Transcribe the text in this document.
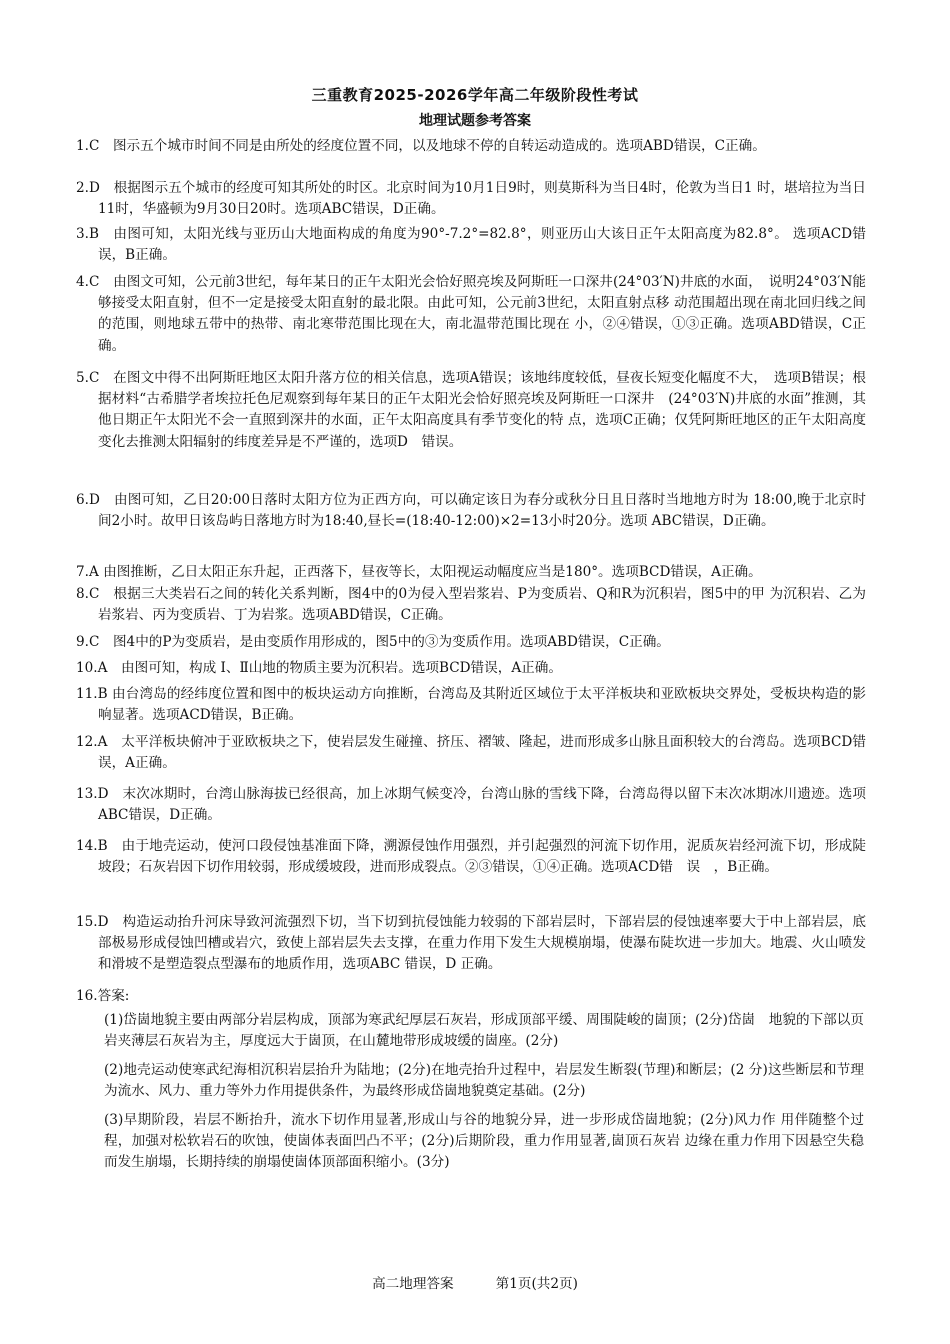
三重教育2025-2026学年高二年级阶段性考试
地理试题参考答案
1.C　图示五个城市时间不同是由所处的经度位置不同，以及地球不停的自转运动造成的。选项ABD错误，C正确。
2.D　根据图示五个城市的经度可知其所处的时区。北京时间为10月1日9时，则莫斯科为当日4时，伦敦为当日1 时，堪培拉为当日11时，华盛顿为9月30日20时。选项ABC错误，D正确。
3.B　由图可知，太阳光线与亚历山大地面构成的角度为90°-7.2°=82.8°，则亚历山大该日正午太阳高度为82.8°。 选项ACD错误，B正确。
4.C　由图文可知，公元前3世纪，每年某日的正午太阳光会恰好照亮埃及阿斯旺一口深井(24°03′N)井底的水面，　说明24°03′N能够接受太阳直射，但不一定是接受太阳直射的最北限。由此可知，公元前3世纪，太阳直射点移 动范围超出现在南北回归线之间的范围，则地球五带中的热带、南北寒带范围比现在大，南北温带范围比现在 小，②④错误，①③正确。选项ABD错误，C正确。
5.C　在图文中得不出阿斯旺地区太阳升落方位的相关信息，选项A错误；该地纬度较低，昼夜长短变化幅度不大，　选项B错误；根据材料“古希腊学者埃拉托色尼观察到每年某日的正午太阳光会恰好照亮埃及阿斯旺一口深井　(24°03′N)井底的水面”推测，其他日期正午太阳光不会一直照到深井的水面，正午太阳高度具有季节变化的特 点，选项C正确；仅凭阿斯旺地区的正午太阳高度变化去推测太阳辐射的纬度差异是不严谨的，选项D　错误。
6.D　由图可知，乙日20:00日落时太阳方位为正西方向，可以确定该日为春分或秋分日且日落时当地地方时为 18:00,晚于北京时间2小时。故甲日该岛屿日落地方时为18:40,昼长=(18:40-12:00)×2=13小时20分。选项 ABC错误，D正确。
7.A 由图推断，乙日太阳正东升起，正西落下，昼夜等长，太阳视运动幅度应当是180°。选项BCD错误，A正确。
8.C　根据三大类岩石之间的转化关系判断，图4中的0为侵入型岩浆岩、P为变质岩、Q和R为沉积岩，图5中的甲 为沉积岩、乙为岩浆岩、丙为变质岩、丁为岩浆。选项ABD错误，C正确。
9.C　图4中的P为变质岩，是由变质作用形成的，图5中的③为变质作用。选项ABD错误，C正确。
10.A　由图可知，构成 Ⅰ、Ⅱ山地的物质主要为沉积岩。选项BCD错误，A正确。
11.B 由台湾岛的经纬度位置和图中的板块运动方向推断，台湾岛及其附近区域位于太平洋板块和亚欧板块交界处，受板块构造的影响显著。选项ACD错误，B正确。
12.A　太平洋板块俯冲于亚欧板块之下，使岩层发生碰撞、挤压、褶皱、隆起，进而形成多山脉且面积较大的台湾岛。选项BCD错误，A正确。
13.D　末次冰期时，台湾山脉海拔已经很高，加上冰期气候变冷，台湾山脉的雪线下降，台湾岛得以留下末次冰期冰川遗迹。选项ABC错误，D正确。
14.B　由于地壳运动，使河口段侵蚀基准面下降，溯源侵蚀作用强烈，并引起强烈的河流下切作用，泥质灰岩经河流下切，形成陡坡段；石灰岩因下切作用较弱，形成缓坡段，进而形成裂点。②③错误，①④正确。选项ACD错　误　，B正确。
15.D　构造运动抬升河床导致河流强烈下切，当下切到抗侵蚀能力较弱的下部岩层时，下部岩层的侵蚀速率要大于中上部岩层，底部极易形成侵蚀凹槽或岩穴，致使上部岩层失去支撑，在重力作用下发生大规模崩塌，使瀑布陡坎进一步加大。地震、火山喷发和滑坡不是塑造裂点型瀑布的地质作用，选项ABC 错误，D 正确。
16.答案:
(1)岱崮地貌主要由两部分岩层构成，顶部为寒武纪厚层石灰岩，形成顶部平缓、周围陡峻的崮顶；(2分)岱崮　地貌的下部以页岩夹薄层石灰岩为主，厚度远大于崮顶，在山麓地带形成坡缓的崮座。(2分)
(2)地壳运动使寒武纪海相沉积岩层抬升为陆地；(2分)在地壳抬升过程中，岩层发生断裂(节理)和断层；(2 分)这些断层和节理为流水、风力、重力等外力作用提供条件，为最终形成岱崮地貌奠定基础。(2分)
(3)早期阶段，岩层不断抬升，流水下切作用显著,形成山与谷的地貌分异，进一步形成岱崮地貌；(2分)风力作 用伴随整个过程，加强对松软岩石的吹蚀，使崮体表面凹凸不平；(2分)后期阶段，重力作用显著,崮顶石灰岩 边缘在重力作用下因悬空失稳而发生崩塌，长期持续的崩塌使崮体顶部面积缩小。(3分)
高二地理答案	第1页(共2页)
